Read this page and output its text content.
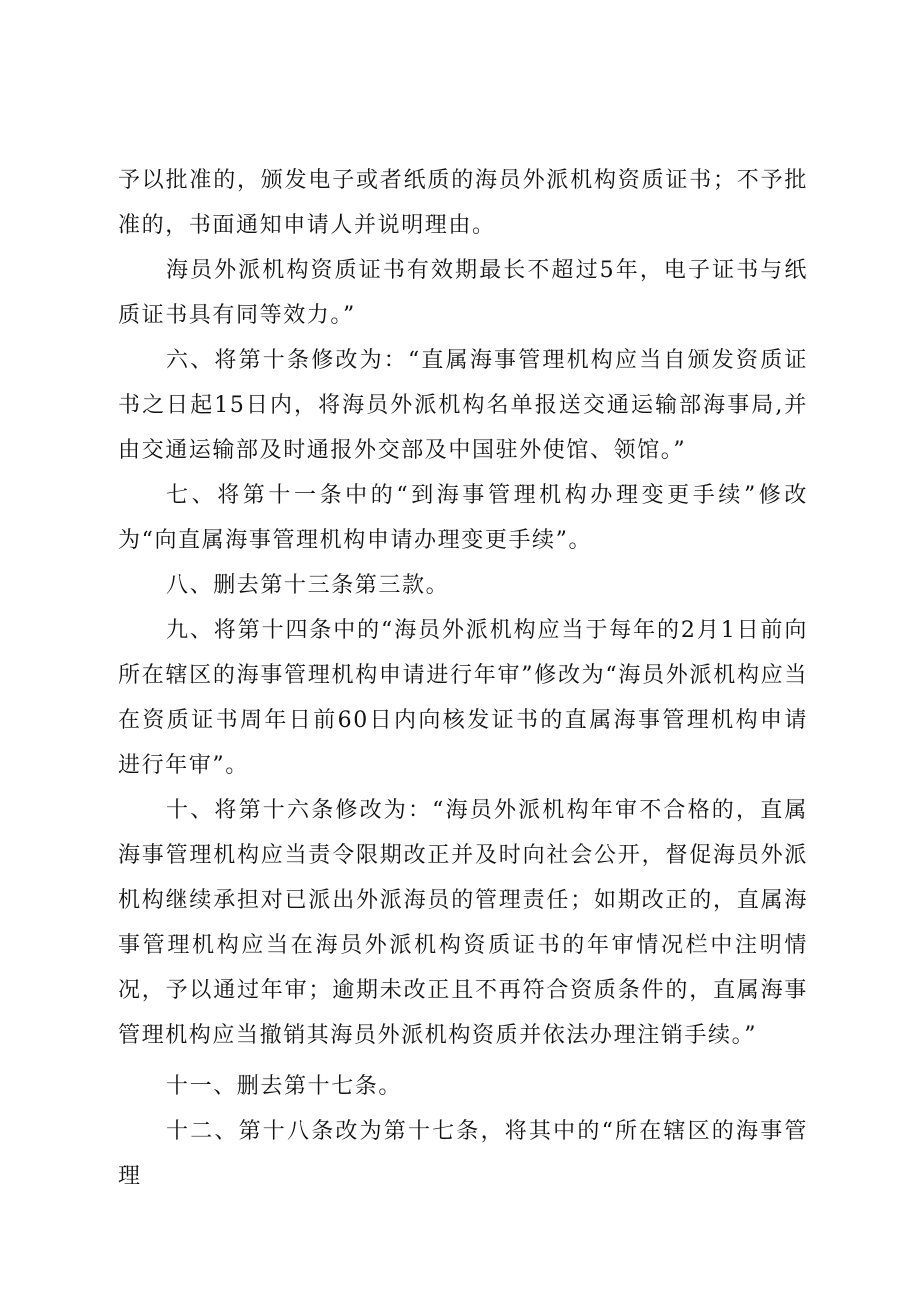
予以批准的，颁发电子或者纸质的海员外派机构资质证书；不予批准的，书面通知申请人并说明理由。

海员外派机构资质证书有效期最长不超过5年，电子证书与纸质证书具有同等效力。”

六、将第十条修改为：“直属海事管理机构应当自颁发资质证书之日起15日内，将海员外派机构名单报送交通运输部海事局,并由交通运输部及时通报外交部及中国驻外使馆、领馆。”

七、将第十一条中的“到海事管理机构办理变更手续”修改为“向直属海事管理机构申请办理变更手续”。

八、删去第十三条第三款。

九、将第十四条中的“海员外派机构应当于每年的2月1日前向所在辖区的海事管理机构申请进行年审”修改为“海员外派机构应当在资质证书周年日前60日内向核发证书的直属海事管理机构申请进行年审”。

十、将第十六条修改为：“海员外派机构年审不合格的，直属海事管理机构应当责令限期改正并及时向社会公开，督促海员外派机构继续承担对已派出外派海员的管理责任；如期改正的，直属海事管理机构应当在海员外派机构资质证书的年审情况栏中注明情况，予以通过年审；逾期未改正且不再符合资质条件的，直属海事管理机构应当撤销其海员外派机构资质并依法办理注销手续。”

十一、删去第十七条。

十二、第十八条改为第十七条，将其中的“所在辖区的海事管理
